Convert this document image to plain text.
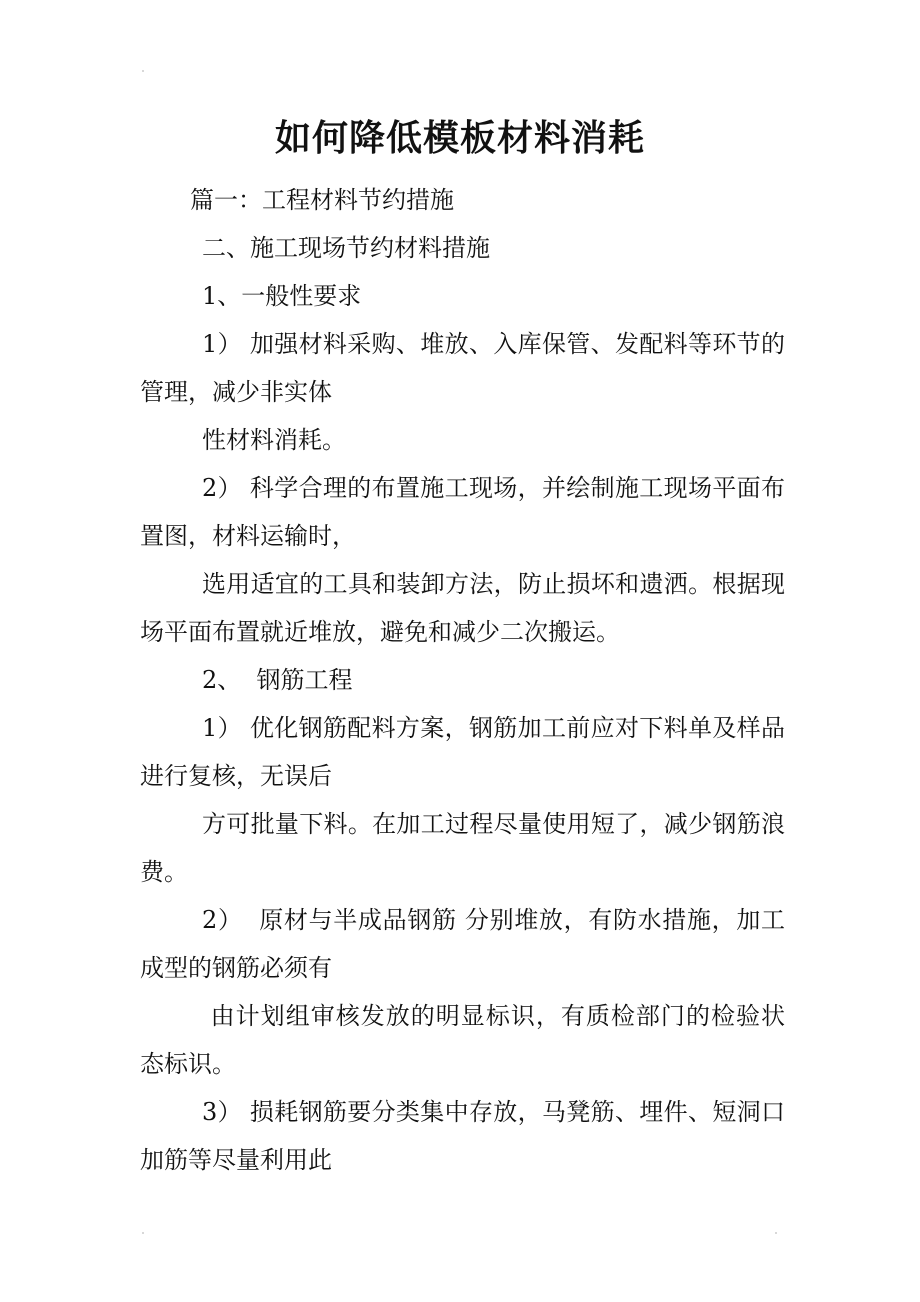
如何降低模板材料消耗

篇一：工程材料节约措施

二、施工现场节约材料措施

1、一般性要求

1） 加强材料采购、堆放、入库保管、发配料等环节的管理，减少非实体

性材料消耗。

2） 科学合理的布置施工现场，并绘制施工现场平面布置图，材料运输时，

选用适宜的工具和装卸方法，防止损坏和遗洒。根据现场平面布置就近堆放，避免和减少二次搬运。

2、  钢筋工程

1） 优化钢筋配料方案，钢筋加工前应对下料单及样品进行复核，无误后

方可批量下料。在加工过程尽量使用短了，减少钢筋浪费。

2）  原材与半成品钢筋 分别堆放，有防水措施，加工成型的钢筋必须有

由计划组审核发放的明显标识，有质检部门的检验状态标识。

3） 损耗钢筋要分类集中存放，马凳筋、埋件、短洞口加筋等尽量利用此
